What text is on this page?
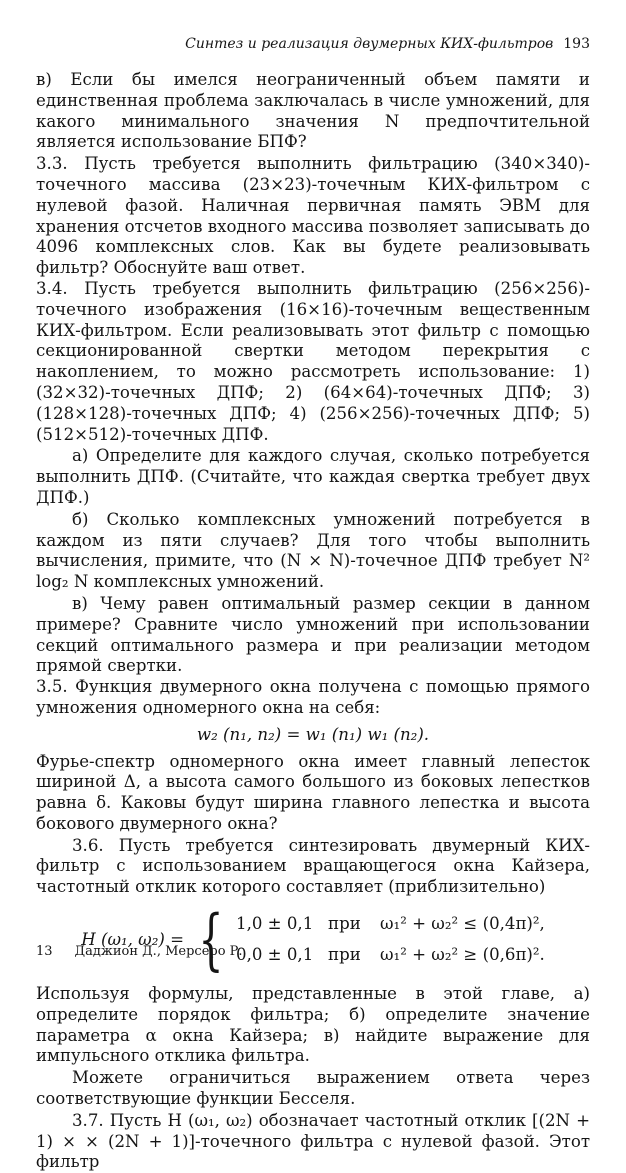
Синтез и реализация двумерных КИХ-фильтров 193

в) Если бы имелся неограниченный объем памяти и единственная проблема заключалась в числе умножений, для какого минимального значения N предпочтительной является использование БПФ?

3.3. Пусть требуется выполнить фильтрацию (340×340)-точечного массива (23×23)-точечным КИХ-фильтром с нулевой фазой. Наличная первичная память ЭВМ для хранения отсчетов входного массива позволяет записывать до 4096 комплексных слов. Как вы будете реализовывать фильтр? Обоснуйте ваш ответ.

3.4. Пусть требуется выполнить фильтрацию (256×256)-точечного изображения (16×16)-точечным вещественным КИХ-фильтром. Если реализовывать этот фильтр с помощью секционированной свертки методом перекрытия с накоплением, то можно рассмотреть использование: 1) (32×32)-точечных ДПФ; 2) (64×64)-точечных ДПФ; 3) (128×128)-точечных ДПФ; 4) (256×256)-точечных ДПФ; 5) (512×512)-точечных ДПФ.

а) Определите для каждого случая, сколько потребуется выполнить ДПФ. (Считайте, что каждая свертка требует двух ДПФ.)

б) Сколько комплексных умножений потребуется в каждом из пяти случаев? Для того чтобы выполнить вычисления, примите, что (N × N)-точечное ДПФ требует N² log₂ N комплексных умножений.

в) Чему равен оптимальный размер секции в данном примере? Сравните число умножений при использовании секций оптимального размера и при реализации методом прямой свертки.

3.5. Функция двумерного окна получена с помощью прямого умножения одномерного окна на себя:

w₂ (n₁, n₂) = w₁ (n₁) w₁ (n₂).

Фурье-спектр одномерного окна имеет главный лепесток шириной Δ, а высота самого большого из боковых лепестков равна δ. Каковы будут ширина главного лепестка и высота бокового двумерного окна?

3.6. Пусть требуется синтезировать двумерный КИХ-фильтр с использованием вращающегося окна Кайзера, частотный отклик которого составляет (приблизительно)

H (ω₁, ω₂) = { 1,0 ± 0,1 при	ω₁² + ω₂² ≤ (0,4π)²,
0,0 ± 0,1 при	ω₁² + ω₂² ≥ (0,6π)².

Используя формулы, представленные в этой главе, а) определите порядок фильтра; б) определите значение параметра α окна Кайзера; в) найдите выражение для импульсного отклика фильтра.

Можете ограничиться выражением ответа через соответствующие функции Бесселя.

3.7. Пусть H (ω₁, ω₂) обозначает частотный отклик [(2N + 1) × × (2N + 1)]-точечного фильтра с нулевой фазой. Этот фильтр

13 Даджион Д., Мерсеро Р.
